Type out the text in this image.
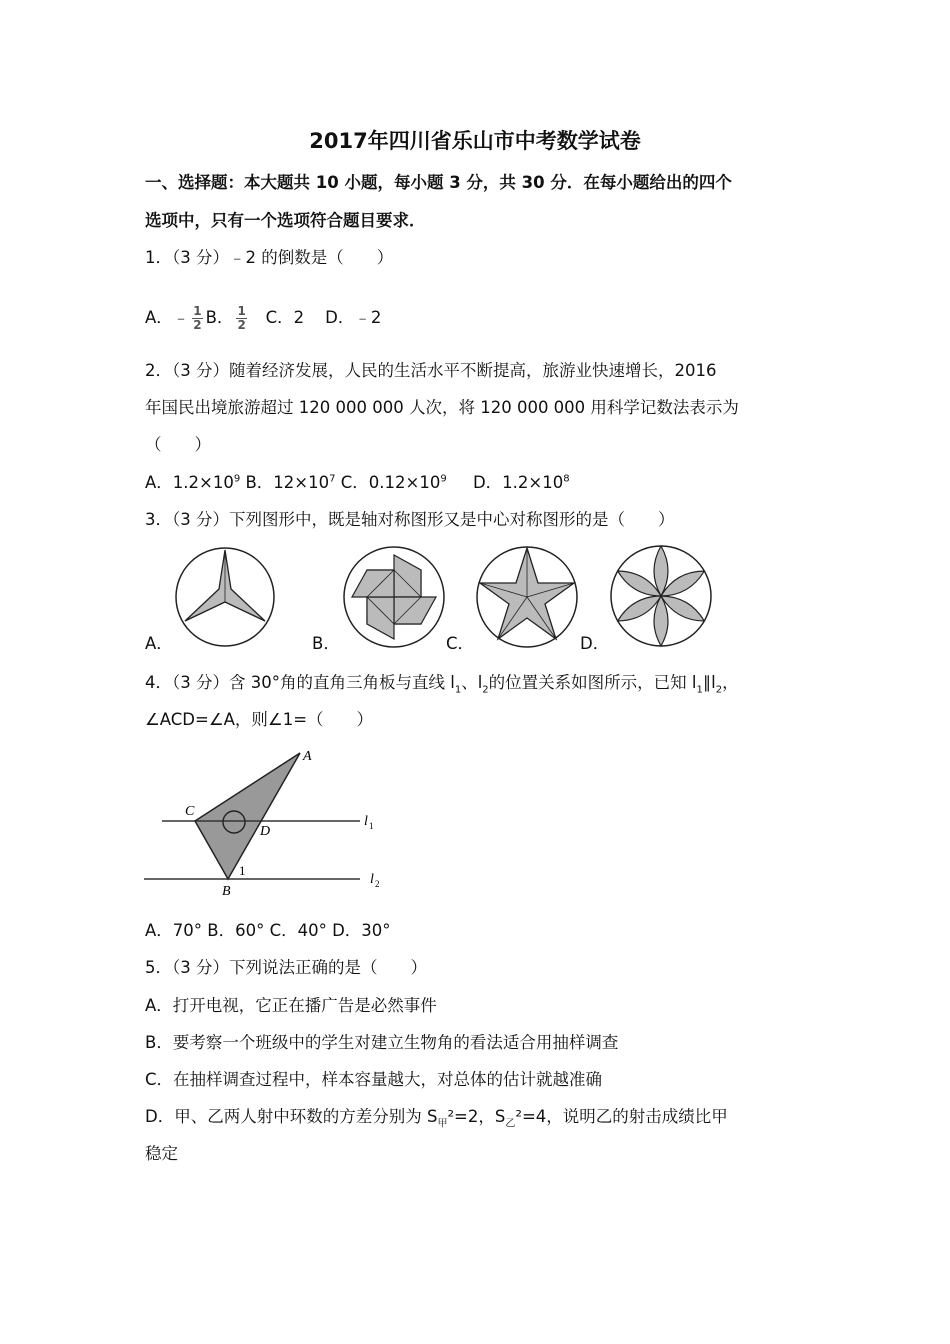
2017年四川省乐山市中考数学试卷
一、选择题：本大题共 10 小题，每小题 3 分，共 30 分．在每小题给出的四个
选项中，只有一个选项符合题目要求．
1．（3 分）﹣2 的倒数是（　　）
A．﹣ $\frac{1}{2}$ B． $\frac{1}{2}$ C．2 D．﹣2
2．（3 分）随着经济发展，人民的生活水平不断提高，旅游业快速增长，2016
年国民出境旅游超过 120 000 000 人次，将 120 000 000 用科学记数法表示为
（　　）
A．$1.2\times 10^9$ B．$12\times 10^7$ C．$0.12\times 10^9$ D．$1.2\times 10^8$
3．（3 分）下列图形中，既是轴对称图形又是中心对称图形的是（　　）
A．	B．	C．	D．
4．（3 分）含 30°角的直角三角板与直线 $l_1$、$l_2$的位置关系如图所示，已知 $l_1\parallel l_2$，
∠ACD=∠A，则∠1=（　　）
A
C
D
B
1
l 1
l 2
A．70° B．60° C．40° D．30°
5．（3 分）下列说法正确的是（　　）
A．打开电视，它正在播广告是必然事件
B．要考察一个班级中的学生对建立生物角的看法适合用抽样调查
C．在抽样调查过程中，样本容量越大，对总体的估计就越准确
D．甲、乙两人射中环数的方差分别为 $S_甲^2=2$，$S_乙^2=4$，说明乙的射击成绩比甲
稳定
